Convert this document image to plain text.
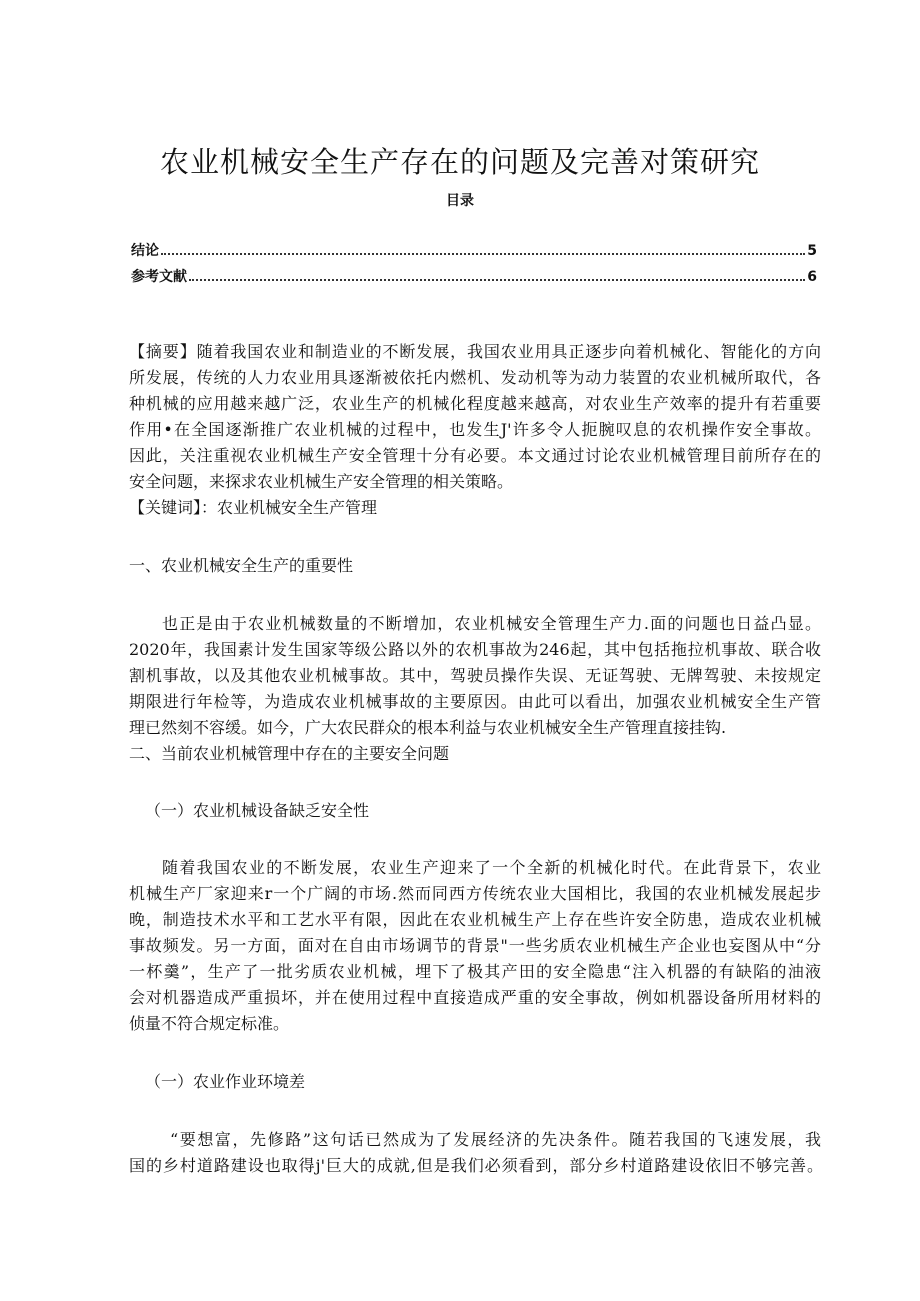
农业机械安全生产存在的问题及完善对策研究
目录
结论	5
参考文献	6
【摘要】随着我国农业和制造业的不断发展，我国农业用具正逐步向着机械化、智能化的方向
所发展，传统的人力农业用具逐渐被依托内燃机、发动机等为动力装置的农业机械所取代，各
种机械的应用越来越广泛，农业生产的机械化程度越来越高，对农业生产效率的提升有若重要
作用•在全国逐渐推广农业机械的过程中，也发生J'许多令人扼腕叹息的农机操作安全事故。
因此，关注重视农业机械生产安全管理十分有必要。本文通过讨论农业机械管理目前所存在的
安全问题，来探求农业机械生产安全管理的相关策略。
【关键词】：农业机械安全生产管理
一、农业机械安全生产的重要性
也正是由于农业机械数量的不断增加，农业机械安全管理生产力.面的问题也日益凸显。
2020年，我国素计发生国家等级公路以外的农机事故为246起，其中包括拖拉机事故、联合收
割机事故，以及其他农业机械事故。其中，驾驶员操作失误、无证驾驶、无牌驾驶、未按规定
期限进行年检等，为造成农业机械事故的主要原因。由此可以看出，加强农业机械安全生产管
理已然刻不容缓。如今，广大农民群众的根本利益与农业机械安全生产管理直接挂钩.
二、当前农业机械管理中存在的主要安全问题
（一）农业机械设备缺乏安全性
随着我国农业的不断发展，农业生产迎来了一个全新的机械化时代。在此背景下，农业
机械生产厂家迎来r一个广阔的市场.然而同西方传统农业大国相比，我国的农业机械发展起步
晚，制造技术水平和工艺水平有限，因此在农业机械生产上存在些许安全防患，造成农业机械
事故频发。另一方面，面对在自由市场调节的背景"一些劣质农业机械生产企业也妄图从中“分
一杯羹”，生产了一批劣质农业机械，埋下了极其产田的安全隐患“注入机器的有缺陷的油液
会对机器造成严重损坏，并在使用过程中直接造成严重的安全事故，例如机器设备所用材料的
侦量不符合规定标准。
（一）农业作业环境差
“要想富，先修路”这句话已然成为了发展经济的先决条件。随若我国的飞速发展，我
国的乡村道路建设也取得j'巨大的成就,但是我们必须看到，部分乡村道路建设依旧不够完善。
